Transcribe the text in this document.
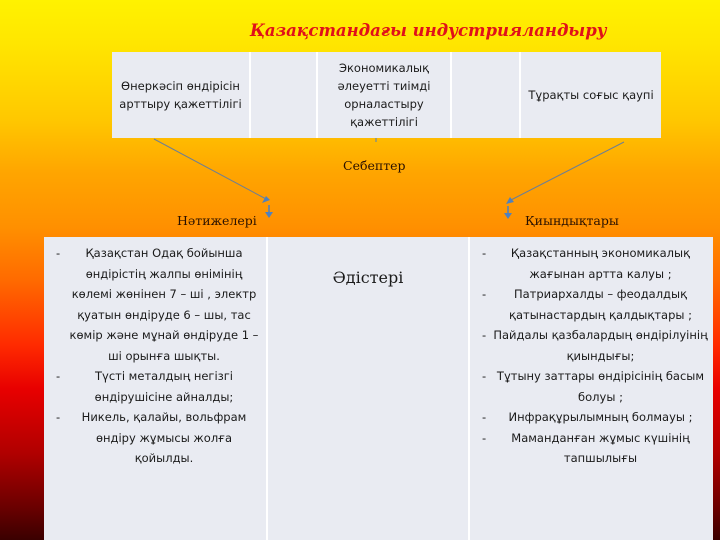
Қазақстандағы индустрияландыру
Өнеркәсіп өндірісін арттыру қажеттілігі
Экономикалық әлеуетті тиімді орналастыру қажеттілігі
Тұрақты соғыс қаупі
Себептер
Нәтижелері	Қиындықтары
- Қазақстан Одақ бойынша өндірістің жалпы өнімінің көлемі жөнінен 7 – ші , электр қуатын өндіруде 6 – шы, тас көмір және мұнай өндіруде 1 – ші орынға шықты.
-	Түсті металдың негізгі өндірушісіне айналды;
- Никель, қалайы, вольфрам өндіру жұмысы жолға қойылды.
Әдістері
- Қазақстанның экономикалық жағынан артта калуы ;
- Патриархалды – феодалдық қатынастардың қалдықтары ;
- Пайдалы қазбалардың өндірілуінің қиындығы;
- Тұтыну заттары өндірісінің басым болуы ;
- Инфрақұрылымның болмауы ;
- Маманданған жұмыс күшінің тапшылығы
